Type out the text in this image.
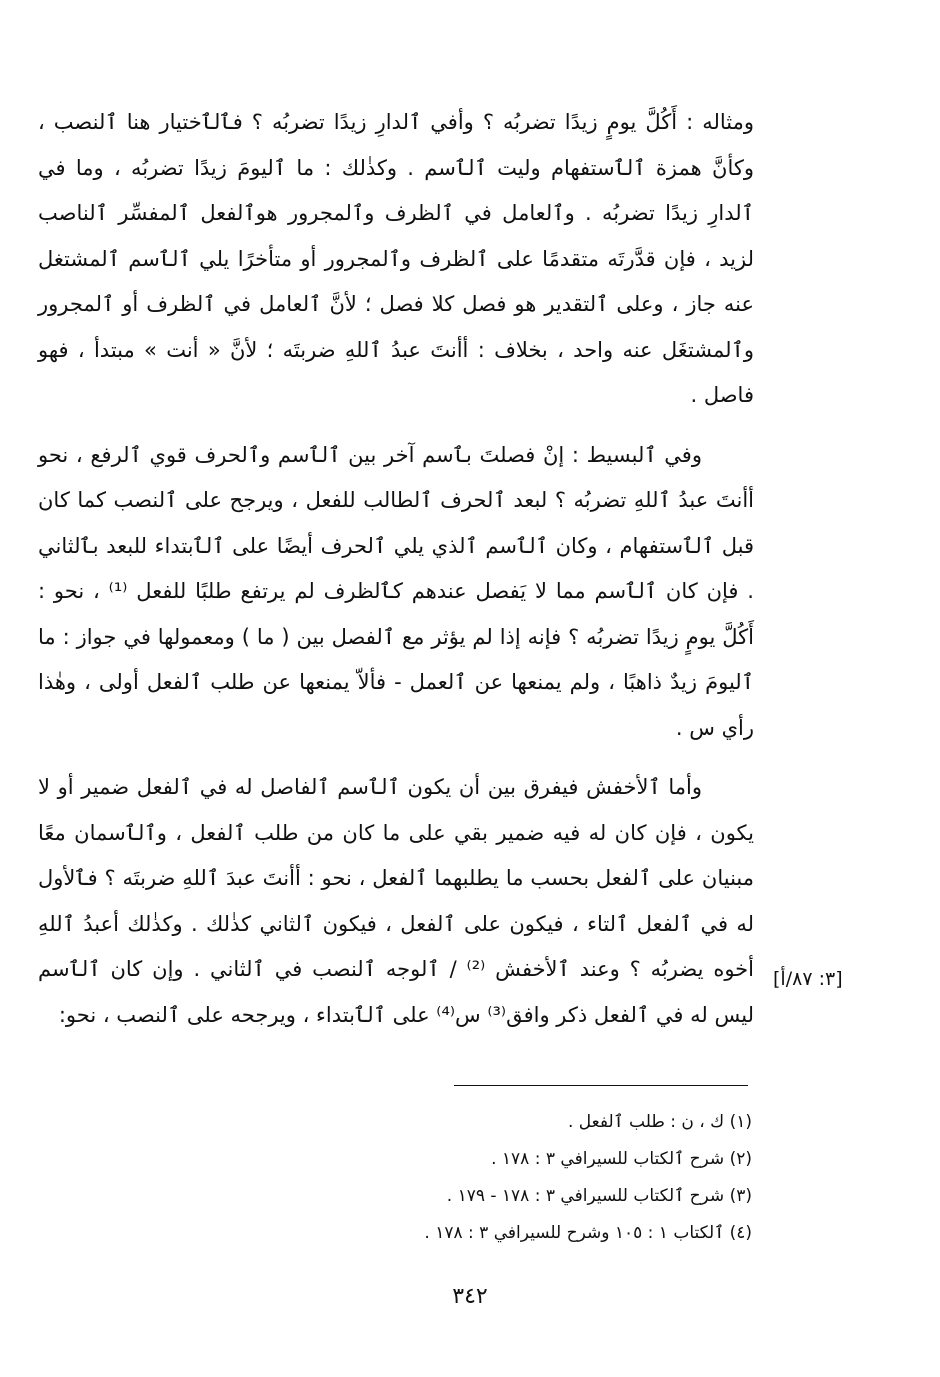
ومثاله : أَكُلَّ يومٍ زيدًا تضربُه ؟ وأفي ٱلدارِ زيدًا تضربُه ؟ فٱلٱختيار هنا ٱلنصب ، وكأنَّ همزة ٱلٱستفهام وليت ٱلٱسم . وكذٰلك : ما ٱليومَ زيدًا تضربُه ، وما في ٱلدارِ زيدًا تضربُه . وٱلعامل في ٱلظرف وٱلمجرور هوٱلفعل ٱلمفسِّر ٱلناصب لزيد ، فإن قدَّرتَه متقدمًا على ٱلظرف وٱلمجرور أو متأخرًا يلي ٱلٱسم ٱلمشتغل عنه جاز ، وعلى ٱلتقدير هو فصل كلا فصل ؛ لأنَّ ٱلعامل في ٱلظرف أو ٱلمجرور وٱلمشتغَل عنه واحد ، بخلاف : أأنتَ عبدُ ٱللهِ ضربتَه ؛ لأنَّ « أنت » مبتدأ ، فهو فاصل .

وفي ٱلبسيط : إنْ فصلتَ بٱسم آخر بين ٱلٱسم وٱلحرف قوي ٱلرفع ، نحو أأنتَ عبدُ ٱللهِ تضربُه ؟ لبعد ٱلحرف ٱلطالب للفعل ، ويرجح على ٱلنصب كما كان قبل ٱلٱستفهام ، وكان ٱلٱسم ٱلذي يلي ٱلحرف أيضًا على ٱلٱبتداء للبعد بٱلثاني . فإن كان ٱلٱسم مما لا يَفصل عندهم كٱلظرف لم يرتفع طلبًا للفعل ⁽¹⁾ ، نحو : أَكُلَّ يومٍ زيدًا تضربُه ؟ فإنه إذا لم يؤثر مع ٱلفصل بين ( ما ) ومعمولها في جواز : ما ٱليومَ زيدٌ ذاهبًا ، ولم يمنعها عن ٱلعمل - فألاّ يمنعها عن طلب ٱلفعل أولى ، وهٰذا رأي س .

وأما ٱلأخفش فيفرق بين أن يكون ٱلٱسم ٱلفاصل له في ٱلفعل ضمير أو لا يكون ، فإن كان له فيه ضمير بقي على ما كان من طلب ٱلفعل ، وٱلٱسمان معًا مبنيان على ٱلفعل بحسب ما يطلبهما ٱلفعل ، نحو : أأنتَ عبدَ ٱللهِ ضربتَه ؟ فٱلأول له في ٱلفعل ٱلتاء ، فيكون على ٱلفعل ، فيكون ٱلثاني كذٰلك . وكذٰلك أعبدُ ٱللهِ أخوه يضربُه ؟ وعند ٱلأخفش ⁽²⁾ / ٱلوجه ٱلنصب في ٱلثاني . وإن كان ٱلٱسم ليس له في ٱلفعل ذكر وافق⁽³⁾ س⁽⁴⁾ على ٱلٱبتداء ، ويرجحه على ٱلنصب ، نحو:

[٣: ٨٧/أ]
(١) ك ، ن : طلب ٱلفعل .
(٢) شرح ٱلكتاب للسيرافي ٣ : ١٧٨ .
(٣) شرح ٱلكتاب للسيرافي ٣ : ١٧٨ - ١٧٩ .
(٤) ٱلكتاب ١ : ١٠٥ وشرح للسيرافي ٣ : ١٧٨ .
٣٤٢
